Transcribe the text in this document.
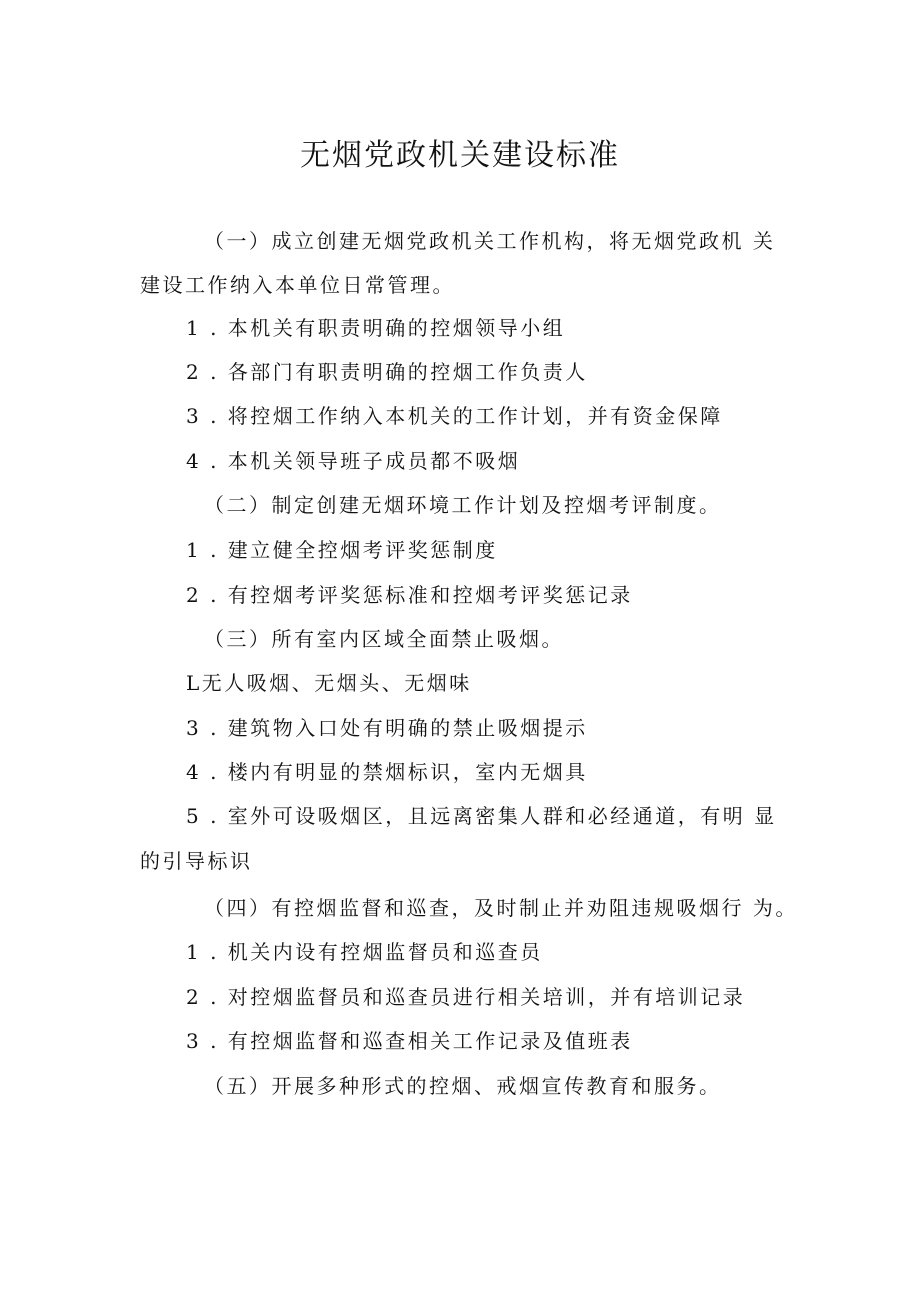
无烟党政机关建设标准
（一）成立创建无烟党政机关工作机构，将无烟党政机 关
建设工作纳入本单位日常管理。
1 . 本机关有职责明确的控烟领导小组
2 . 各部门有职责明确的控烟工作负责人
3 . 将控烟工作纳入本机关的工作计划，并有资金保障
4 . 本机关领导班子成员都不吸烟
（二）制定创建无烟环境工作计划及控烟考评制度。
1 . 建立健全控烟考评奖惩制度
2 . 有控烟考评奖惩标准和控烟考评奖惩记录
（三）所有室内区域全面禁止吸烟。
L无人吸烟、无烟头、无烟味
3 . 建筑物入口处有明确的禁止吸烟提示
4 . 楼内有明显的禁烟标识，室内无烟具
5 . 室外可设吸烟区，且远离密集人群和必经通道，有明 显
的引导标识
（四）有控烟监督和巡查，及时制止并劝阻违规吸烟行 为。
1 . 机关内设有控烟监督员和巡查员
2 . 对控烟监督员和巡查员进行相关培训，并有培训记录
3 . 有控烟监督和巡查相关工作记录及值班表
（五）开展多种形式的控烟、戒烟宣传教育和服务。
